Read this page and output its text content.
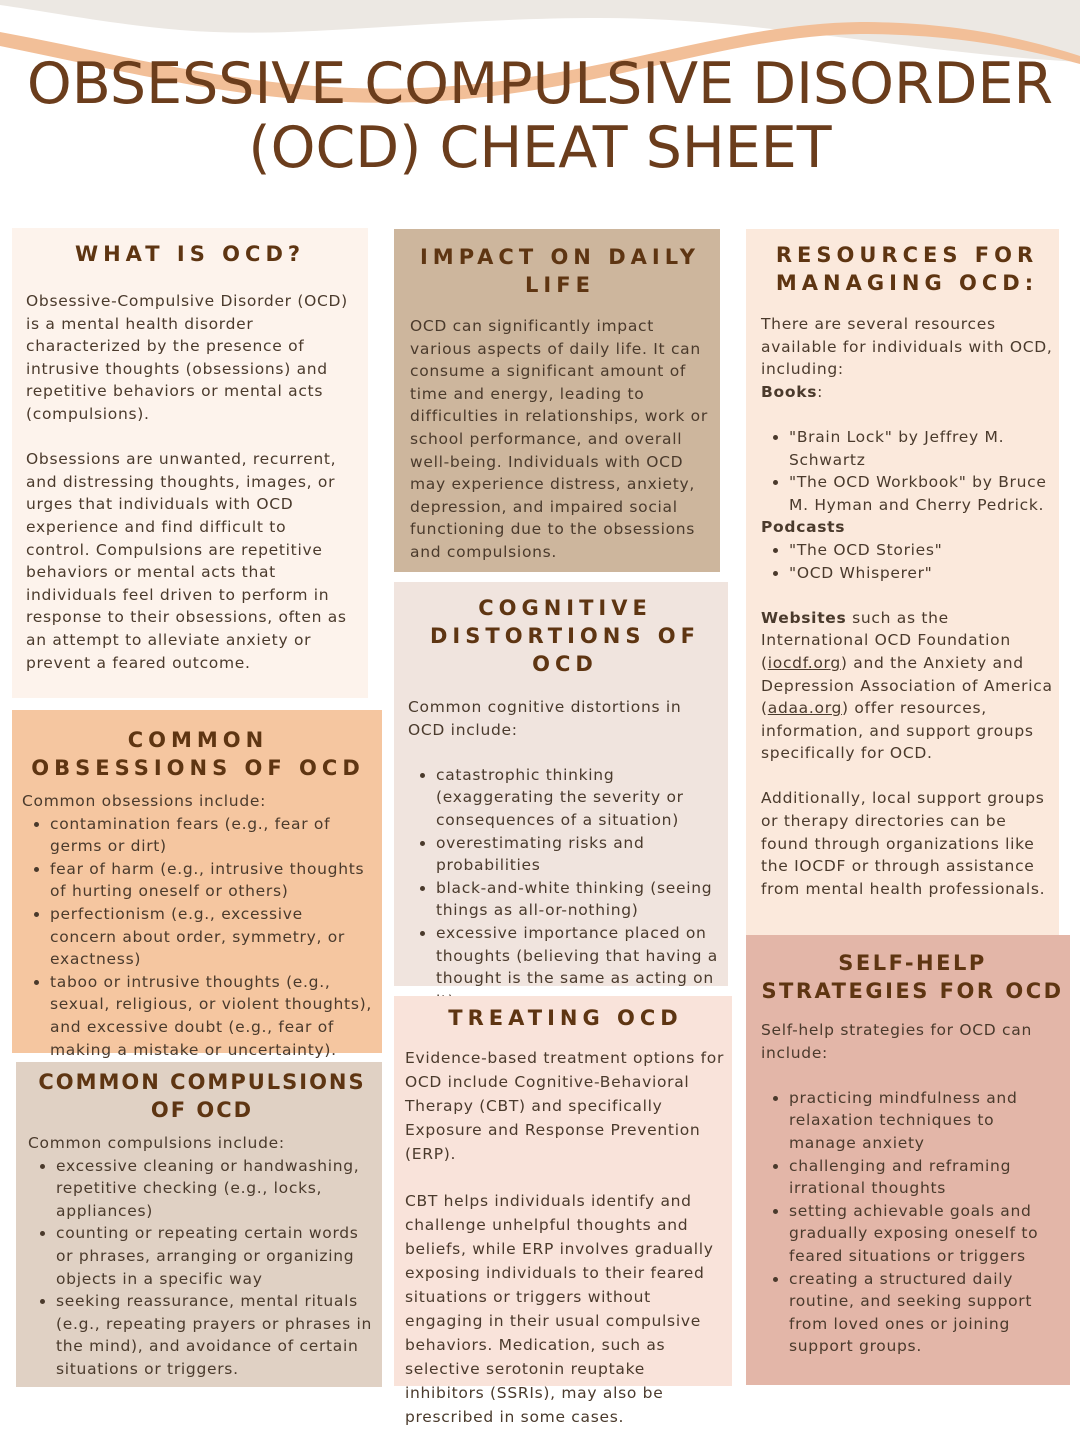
OBSESSIVE COMPULSIVE DISORDER
(OCD) CHEAT SHEET
WHAT IS OCD?

Obsessive-Compulsive Disorder (OCD) is a mental health disorder characterized by the presence of intrusive thoughts (obsessions) and repetitive behaviors or mental acts (compulsions).

Obsessions are unwanted, recurrent, and distressing thoughts, images, or urges that individuals with OCD experience and find difficult to control. Compulsions are repetitive behaviors or mental acts that individuals feel driven to perform in response to their obsessions, often as an attempt to alleviate anxiety or prevent a feared outcome.

COMMON OBSESSIONS OF OCD

Common obsessions include:

• contamination fears (e.g., fear of germs or dirt)
• fear of harm (e.g., intrusive thoughts of hurting oneself or others)
• perfectionism (e.g., excessive concern about order, symmetry, or exactness)
• taboo or intrusive thoughts (e.g., sexual, religious, or violent thoughts), and excessive doubt (e.g., fear of making a mistake or uncertainty).
COMMON COMPULSIONS OF OCD

Common compulsions include:

• excessive cleaning or handwashing, repetitive checking (e.g., locks, appliances)
• counting or repeating certain words or phrases, arranging or organizing objects in a specific way
• seeking reassurance, mental rituals (e.g., repeating prayers or phrases in the mind), and avoidance of certain situations or triggers.
IMPACT ON DAILY LIFE

OCD can significantly impact various aspects of daily life. It can consume a significant amount of time and energy, leading to difficulties in relationships, work or school performance, and overall well-being. Individuals with OCD may experience distress, anxiety, depression, and impaired social functioning due to the obsessions and compulsions.

COGNITIVE DISTORTIONS OF OCD

Common cognitive distortions in OCD include:

• catastrophic thinking (exaggerating the severity or consequences of a situation)
• overestimating risks and probabilities
• black-and-white thinking (seeing things as all-or-nothing)
• excessive importance placed on thoughts (believing that having a thought is the same as acting on
TREATING OCD

Evidence-based treatment options for OCD include Cognitive-Behavioral Therapy (CBT) and specifically Exposure and Response Prevention (ERP).

CBT helps individuals identify and challenge unhelpful thoughts and beliefs, while ERP involves gradually exposing individuals to their feared situations or triggers without engaging in their usual compulsive behaviors. Medication, such as selective serotonin reuptake inhibitors (SSRIs), may also be prescribed in some cases.

RESOURCES FOR MANAGING OCD:

There are several resources available for individuals with OCD, including:

Books:

• "Brain Lock" by Jeffrey M. Schwartz
• "The OCD Workbook" by Bruce M. Hyman and Cherry Pedrick.

Podcasts

• "The OCD Stories"
• "OCD Whisperer"

Websites such as the International OCD Foundation (iocdf.org) and the Anxiety and Depression Association of America (adaa.org) offer resources, information, and support groups specifically for OCD.

Additionally, local support groups or therapy directories can be found through organizations like the IOCDF or through assistance from mental health professionals.

SELF-HELP STRATEGIES FOR OCD

Self-help strategies for OCD can include:

• practicing mindfulness and relaxation techniques to manage anxiety
• challenging and reframing irrational thoughts
• setting achievable goals and gradually exposing oneself to feared situations or triggers
• creating a structured daily routine, and seeking support from loved ones or joining support groups.
